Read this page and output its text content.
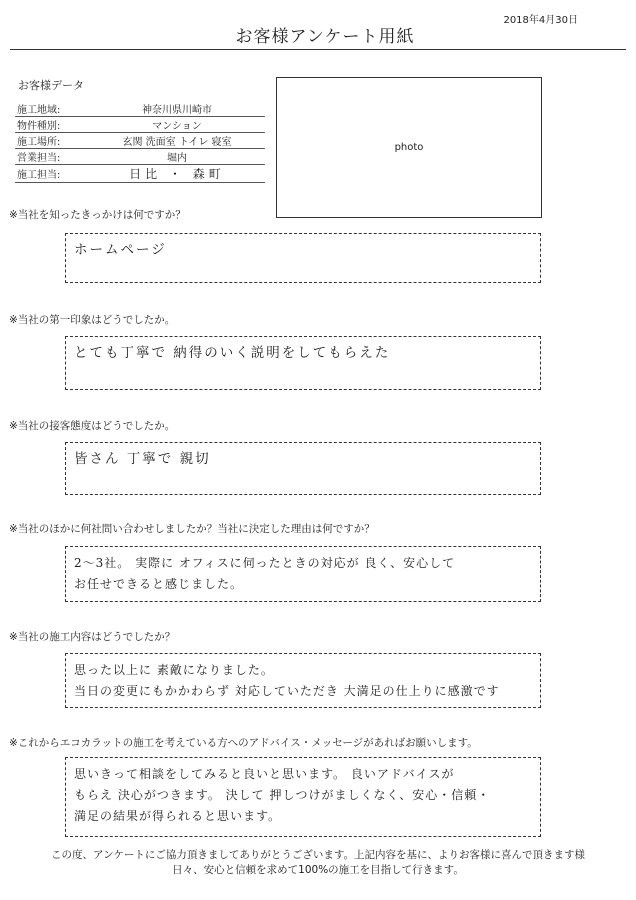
2018年4月30日
お客様アンケート用紙
お客様データ
施工地域:	神奈川県川崎市
物件種別:	マンション
施工場所:	玄関 洗面室 トイレ 寝室
営業担当:	堀内
施工担当:	日比 ・ 森町
photo
※当社を知ったきっかけは何ですか？
ホームページ
※当社の第一印象はどうでしたか。
とても丁寧で 納得のいく説明をしてもらえた
※当社の接客態度はどうでしたか。
皆さん 丁寧で 親切
※当社のほかに何社問い合わせしましたか？当社に決定した理由は何ですか？
2～3社。 実際に オフィスに伺ったときの対応が 良く、安心して
お任せできると感じました。
※当社の施工内容はどうでしたか？
思った以上に 素敵になりました。
当日の変更にもかかわらず 対応していただき 大満足の仕上りに感激です
※これからエコカラットの施工を考えている方へのアドバイス・メッセージがあればお願いします。
思いきって相談をしてみると良いと思います。 良いアドバイスが
もらえ 決心がつきます。 決して 押しつけがましくなく、安心・信頼・
満足の結果が得られると思います。
この度、アンケートにご協力頂きましてありがとうございます。上記内容を基に、よりお客様に喜んで頂きます様
日々、安心と信頼を求めて100%の施工を目指して行きます。
